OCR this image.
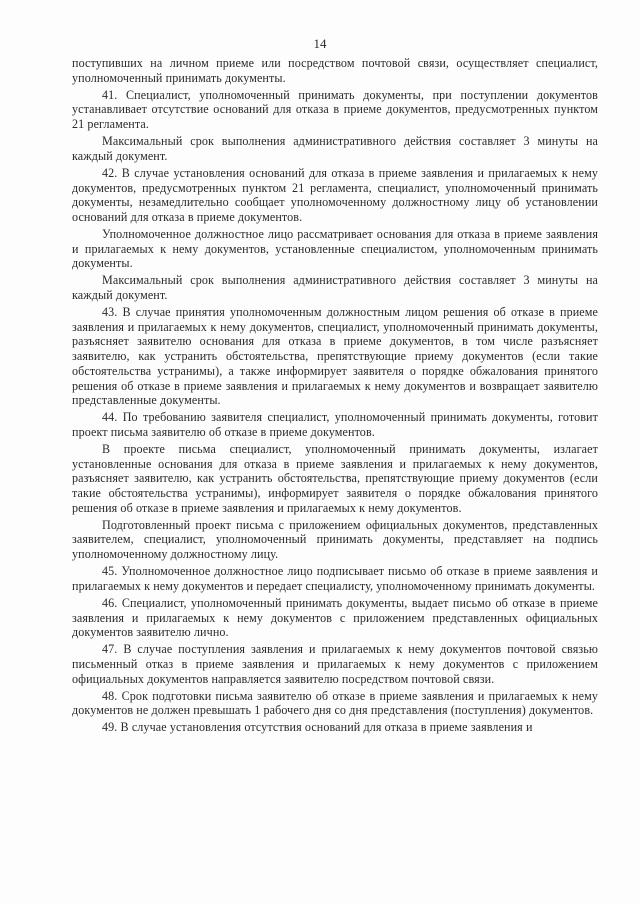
14

поступивших на личном приеме или посредством почтовой связи, осуществляет специалист, уполномоченный принимать документы.

41. Специалист, уполномоченный принимать документы, при поступлении документов устанавливает отсутствие оснований для отказа в приеме документов, предусмотренных пунктом 21 регламента.

Максимальный срок выполнения административного действия составляет 3 минуты на каждый документ.

42. В случае установления оснований для отказа в приеме заявления и прилагаемых к нему документов, предусмотренных пунктом 21 регламента, специалист, уполномоченный принимать документы, незамедлительно сообщает уполномоченному должностному лицу об установлении оснований для отказа в приеме документов.

Уполномоченное должностное лицо рассматривает основания для отказа в приеме заявления и прилагаемых к нему документов, установленные специалистом, уполномоченным принимать документы.

Максимальный срок выполнения административного действия составляет 3 минуты на каждый документ.

43. В случае принятия уполномоченным должностным лицом решения об отказе в приеме заявления и прилагаемых к нему документов, специалист, уполномоченный принимать документы, разъясняет заявителю основания для отказа в приеме документов, в том числе разъясняет заявителю, как устранить обстоятельства, препятствующие приему документов (если такие обстоятельства устранимы), а также информирует заявителя о порядке обжалования принятого решения об отказе в приеме заявления и прилагаемых к нему документов и возвращает заявителю представленные документы.

44. По требованию заявителя специалист, уполномоченный принимать документы, готовит проект письма заявителю об отказе в приеме документов.

В проекте письма специалист, уполномоченный принимать документы, излагает установленные основания для отказа в приеме заявления и прилагаемых к нему документов, разъясняет заявителю, как устранить обстоятельства, препятствующие приему документов (если такие обстоятельства устранимы), информирует заявителя о порядке обжалования принятого решения об отказе в приеме заявления и прилагаемых к нему документов.

Подготовленный проект письма с приложением официальных документов, представленных заявителем, специалист, уполномоченный принимать документы, представляет на подпись уполномоченному должностному лицу.

45. Уполномоченное должностное лицо подписывает письмо об отказе в приеме заявления и прилагаемых к нему документов и передает специалисту, уполномоченному принимать документы.

46. Специалист, уполномоченный принимать документы, выдает письмо об отказе в приеме заявления и прилагаемых к нему документов с приложением представленных официальных документов заявителю лично.

47. В случае поступления заявления и прилагаемых к нему документов почтовой связью письменный отказ в приеме заявления и прилагаемых к нему документов с приложением официальных документов направляется заявителю посредством почтовой связи.

48. Срок подготовки письма заявителю об отказе в приеме заявления и прилагаемых к нему документов не должен превышать 1 рабочего дня со дня представления (поступления) документов.

49. В случае установления отсутствия оснований для отказа в приеме заявления и
